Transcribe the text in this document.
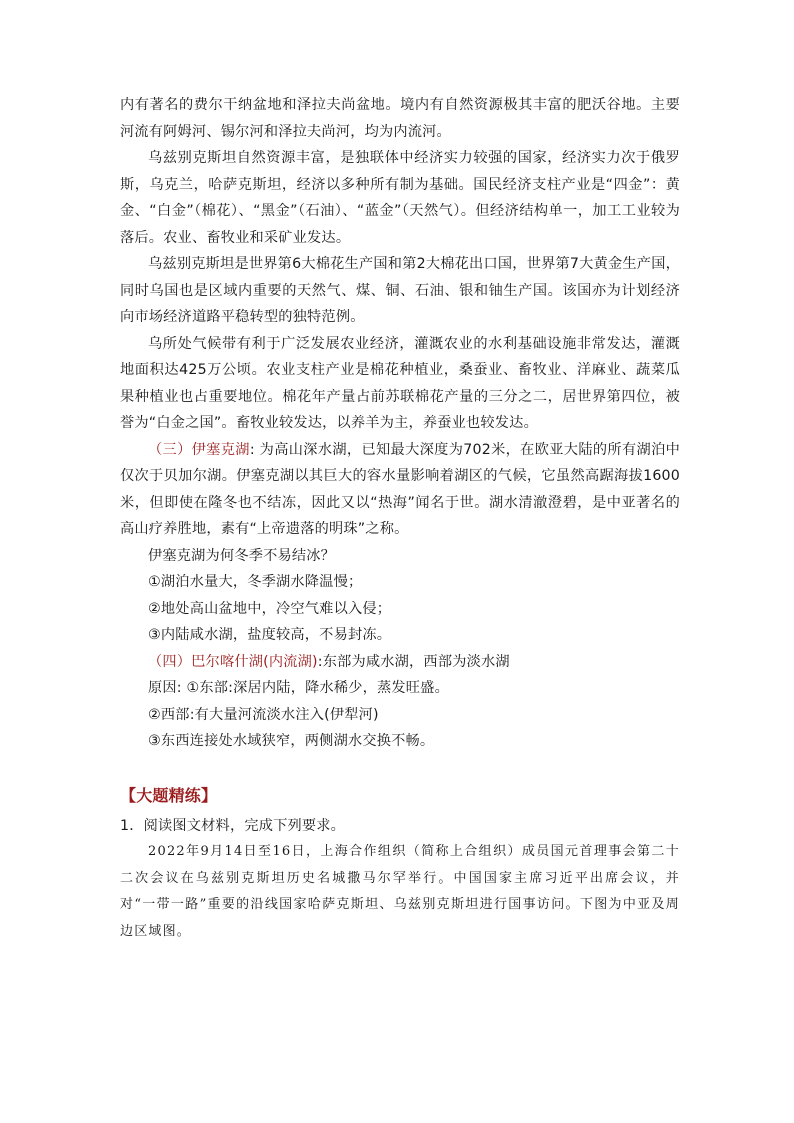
内有著名的费尔干纳盆地和泽拉夫尚盆地。境内有自然资源极其丰富的肥沃谷地。主要河流有阿姆河、锡尔河和泽拉夫尚河，均为内流河。

乌兹别克斯坦自然资源丰富，是独联体中经济实力较强的国家，经济实力次于俄罗斯，乌克兰，哈萨克斯坦，经济以多种所有制为基础。国民经济支柱产业是“四金”：黄金、“白金”（棉花）、“黑金”（石油）、“蓝金”（天然气）。但经济结构单一，加工工业较为落后。农业、畜牧业和采矿业发达。

乌兹别克斯坦是世界第6大棉花生产国和第2大棉花出口国，世界第7大黄金生产国，同时乌国也是区域内重要的天然气、煤、铜、石油、银和铀生产国。该国亦为计划经济向市场经济道路平稳转型的独特范例。

乌所处气候带有利于广泛发展农业经济，灌溉农业的水利基础设施非常发达，灌溉地面积达425万公顷。农业支柱产业是棉花种植业，桑蚕业、畜牧业、洋麻业、蔬菜瓜果种植业也占重要地位。棉花年产量占前苏联棉花产量的三分之二，居世界第四位，被誉为“白金之国”。畜牧业较发达，以养羊为主，养蚕业也较发达。

（三）伊塞克湖: 为高山深水湖，已知最大深度为702米，在欧亚大陆的所有湖泊中仅次于贝加尔湖。伊塞克湖以其巨大的容水量影响着湖区的气候，它虽然高踞海拔1600米，但即使在隆冬也不结冻，因此又以“热海”闻名于世。湖水清澈澄碧，是中亚著名的高山疗养胜地，素有“上帝遗落的明珠”之称。

伊塞克湖为何冬季不易结冰？

①湖泊水量大，冬季湖水降温慢；

②地处高山盆地中，冷空气难以入侵；

③内陆咸水湖，盐度较高，不易封冻。

（四）巴尔喀什湖(内流湖):东部为咸水湖，西部为淡水湖

原因: ①东部:深居内陆，降水稀少，蒸发旺盛。

②西部:有大量河流淡水注入(伊犁河)

③东西连接处水域狭窄，两侧湖水交换不畅。

【大题精练】

1．阅读图文材料，完成下列要求。

2022年9月14日至16日，上海合作组织（简称上合组织）成员国元首理事会第二十二次会议在乌兹别克斯坦历史名城撒马尔罕举行。中国国家主席习近平出席会议，并对“一带一路”重要的沿线国家哈萨克斯坦、乌兹别克斯坦进行国事访问。下图为中亚及周边区域图。
